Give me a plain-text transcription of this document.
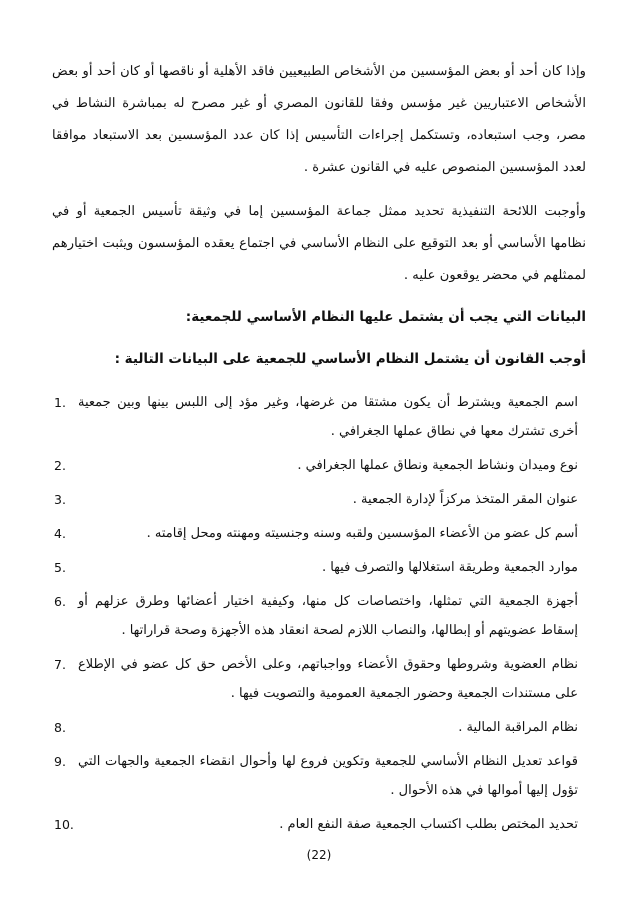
وإذا كان أحد أو بعض المؤسسين من الأشخاص الطبيعيين فاقد الأهلية أو ناقصها أو كان أحد أو بعض الأشخاص الاعتباريين غير مؤسس وفقا للقانون المصري أو غير مصرح له بمباشرة النشاط في مصر، وجب استبعاده، وتستكمل إجراءات التأسيس إذا كان عدد المؤسسين بعد الاستبعاد موافقا لعدد المؤسسين المنصوص عليه في القانون عشرة .

وأوجبت اللائحة التنفيذية تحديد ممثل جماعة المؤسسين إما في وثيقة تأسيس الجمعية أو في نظامها الأساسي أو بعد التوقيع على النظام الأساسي في اجتماع يعقده المؤسسون ويثبت اختيارهم لممثلهم في محضر يوقعون عليه .

البيانات التي يجب أن يشتمل عليها النظام الأساسي للجمعية:
أوجب القانون أن يشتمل النظام الأساسي للجمعية على البيانات التالية :
اسم الجمعية ويشترط أن يكون مشتقا من غرضها، وغير مؤد إلى اللبس بينها وبين جمعية أخرى تشترك معها في نطاق عملها الجغرافي .
1.
نوع وميدان ونشاط الجمعية ونطاق عملها الجغرافي .
2.
عنوان المقر المتخذ مركزاً لإدارة الجمعية .
3.
أسم كل عضو من الأعضاء المؤسسين ولقبه وسنه وجنسيته ومهنته ومحل إقامته .
4.
موارد الجمعية وطريقة استغلالها والتصرف فيها .
5.
أجهزة الجمعية التي تمثلها، واختصاصات كل منها، وكيفية اختيار أعضائها وطرق عزلهم أو إسقاط عضويتهم أو إبطالها، والنصاب اللازم لصحة انعقاد هذه الأجهزة وصحة قراراتها .
6.
نظام العضوية وشروطها وحقوق الأعضاء وواجباتهم، وعلى الأخص حق كل عضو في الإطلاع على مستندات الجمعية وحضور الجمعية العمومية والتصويت فيها .
7.
نظام المراقبة المالية .
8.
قواعد تعديل النظام الأساسي للجمعية وتكوين فروع لها وأحوال انقضاء الجمعية والجهات التي تؤول إليها أموالها في هذه الأحوال .
9.
تحديد المختص بطلب اكتساب الجمعية صفة النفع العام .
10.
(22)
